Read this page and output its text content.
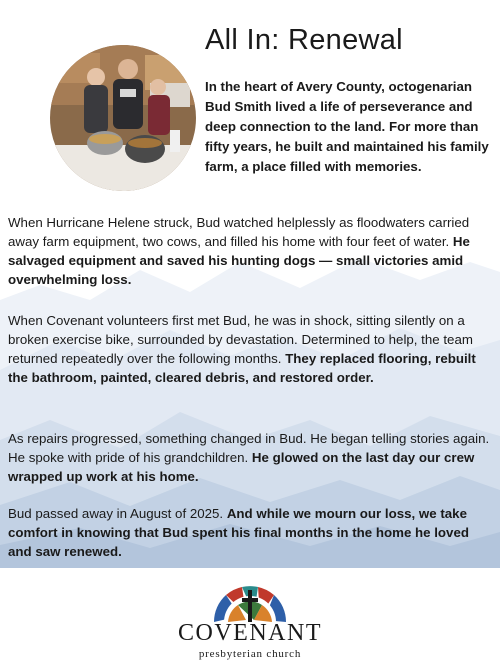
All In: Renewal

In the heart of Avery County, octogenarian Bud Smith lived a life of perseverance and deep connection to the land. For more than fifty years, he built and maintained his family farm, a place filled with memories.

When Hurricane Helene struck, Bud watched helplessly as floodwaters carried away farm equipment, two cows, and filled his home with four feet of water. He salvaged equipment and saved his hunting dogs — small victories amid overwhelming loss.

When Covenant volunteers first met Bud, he was in shock, sitting silently on a broken exercise bike, surrounded by devastation. Determined to help, the team returned repeatedly over the following months. They replaced flooring, rebuilt the bathroom, painted, cleared debris, and restored order.

As repairs progressed, something changed in Bud. He began telling stories again. He spoke with pride of his grandchildren. He glowed on the last day our crew wrapped up work at his home.

Bud passed away in August of 2025. And while we mourn our loss, we take comfort in knowing that Bud spent his final months in the home he loved and saw renewed.

COVENANT
presbyterian church
